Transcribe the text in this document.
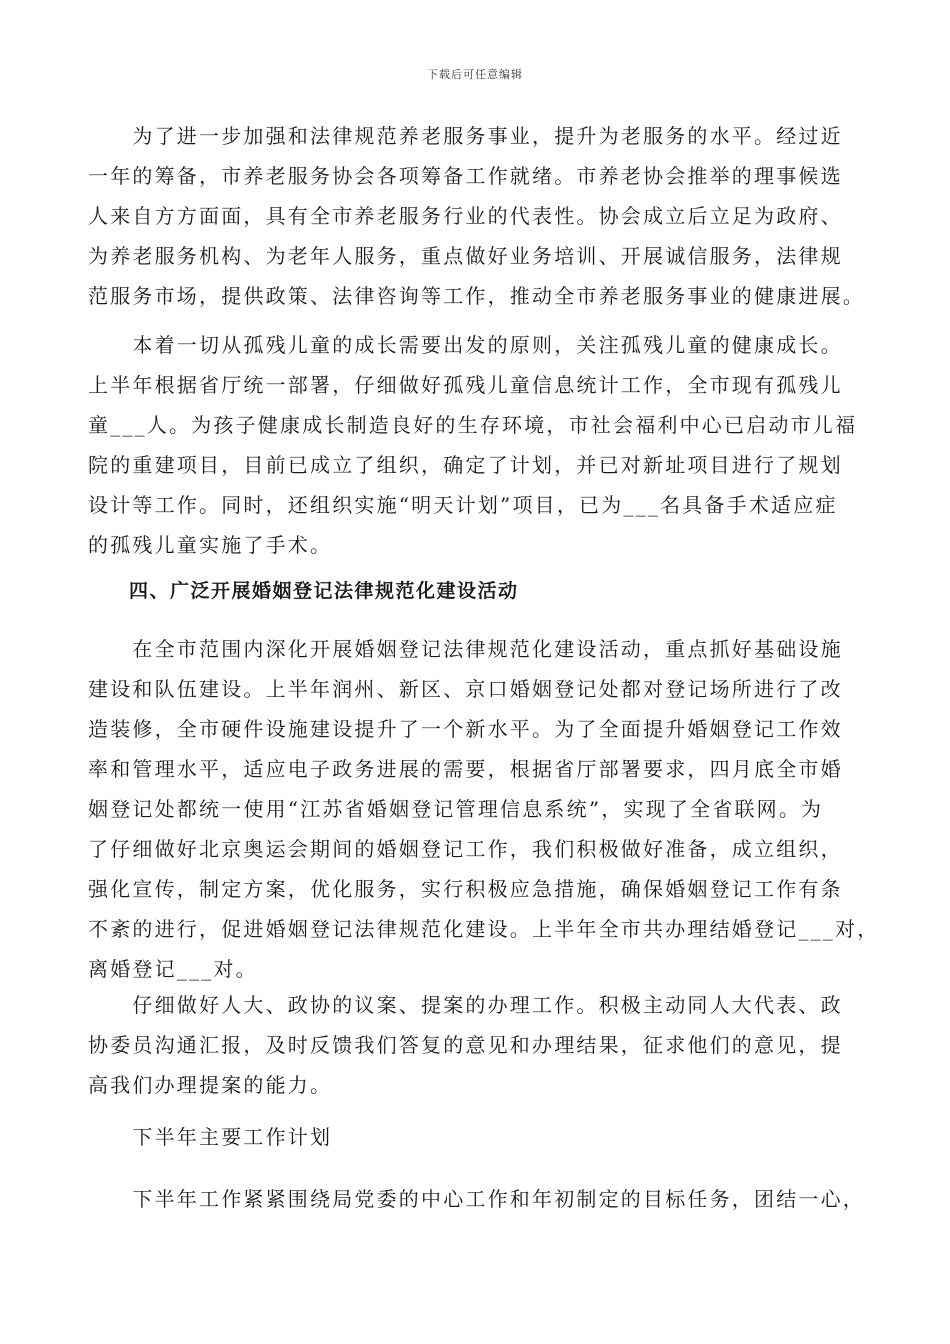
下载后可任意编辑
　　为了进一步加强和法律规范养老服务事业，提升为老服务的水平。经过近
一年的筹备，市养老服务协会各项筹备工作就绪。市养老协会推举的理事候选
人来自方方面面，具有全市养老服务行业的代表性。协会成立后立足为政府、
为养老服务机构、为老年人服务，重点做好业务培训、开展诚信服务，法律规
范服务市场，提供政策、法律咨询等工作，推动全市养老服务事业的健康进展。
　　本着一切从孤残儿童的成长需要出发的原则，关注孤残儿童的健康成长。
上半年根据省厅统一部署，仔细做好孤残儿童信息统计工作，全市现有孤残儿
童___人。为孩子健康成长制造良好的生存环境，市社会福利中心已启动市儿福
院的重建项目，目前已成立了组织，确定了计划，并已对新址项目进行了规划
设计等工作。同时，还组织实施“明天计划”项目，已为___名具备手术适应症
的孤残儿童实施了手术。
　　四、广泛开展婚姻登记法律规范化建设活动
　　在全市范围内深化开展婚姻登记法律规范化建设活动，重点抓好基础设施
建设和队伍建设。上半年润州、新区、京口婚姻登记处都对登记场所进行了改
造装修，全市硬件设施建设提升了一个新水平。为了全面提升婚姻登记工作效
率和管理水平，适应电子政务进展的需要，根据省厅部署要求，四月底全市婚
姻登记处都统一使用“江苏省婚姻登记管理信息系统”，实现了全省联网。为
了仔细做好北京奥运会期间的婚姻登记工作，我们积极做好准备，成立组织，
强化宣传，制定方案，优化服务，实行积极应急措施，确保婚姻登记工作有条
不紊的进行，促进婚姻登记法律规范化建设。上半年全市共办理结婚登记___对，
离婚登记___对。
　　仔细做好人大、政协的议案、提案的办理工作。积极主动同人大代表、政
协委员沟通汇报，及时反馈我们答复的意见和办理结果，征求他们的意见，提
高我们办理提案的能力。
　　下半年主要工作计划
　　下半年工作紧紧围绕局党委的中心工作和年初制定的目标任务，团结一心，
